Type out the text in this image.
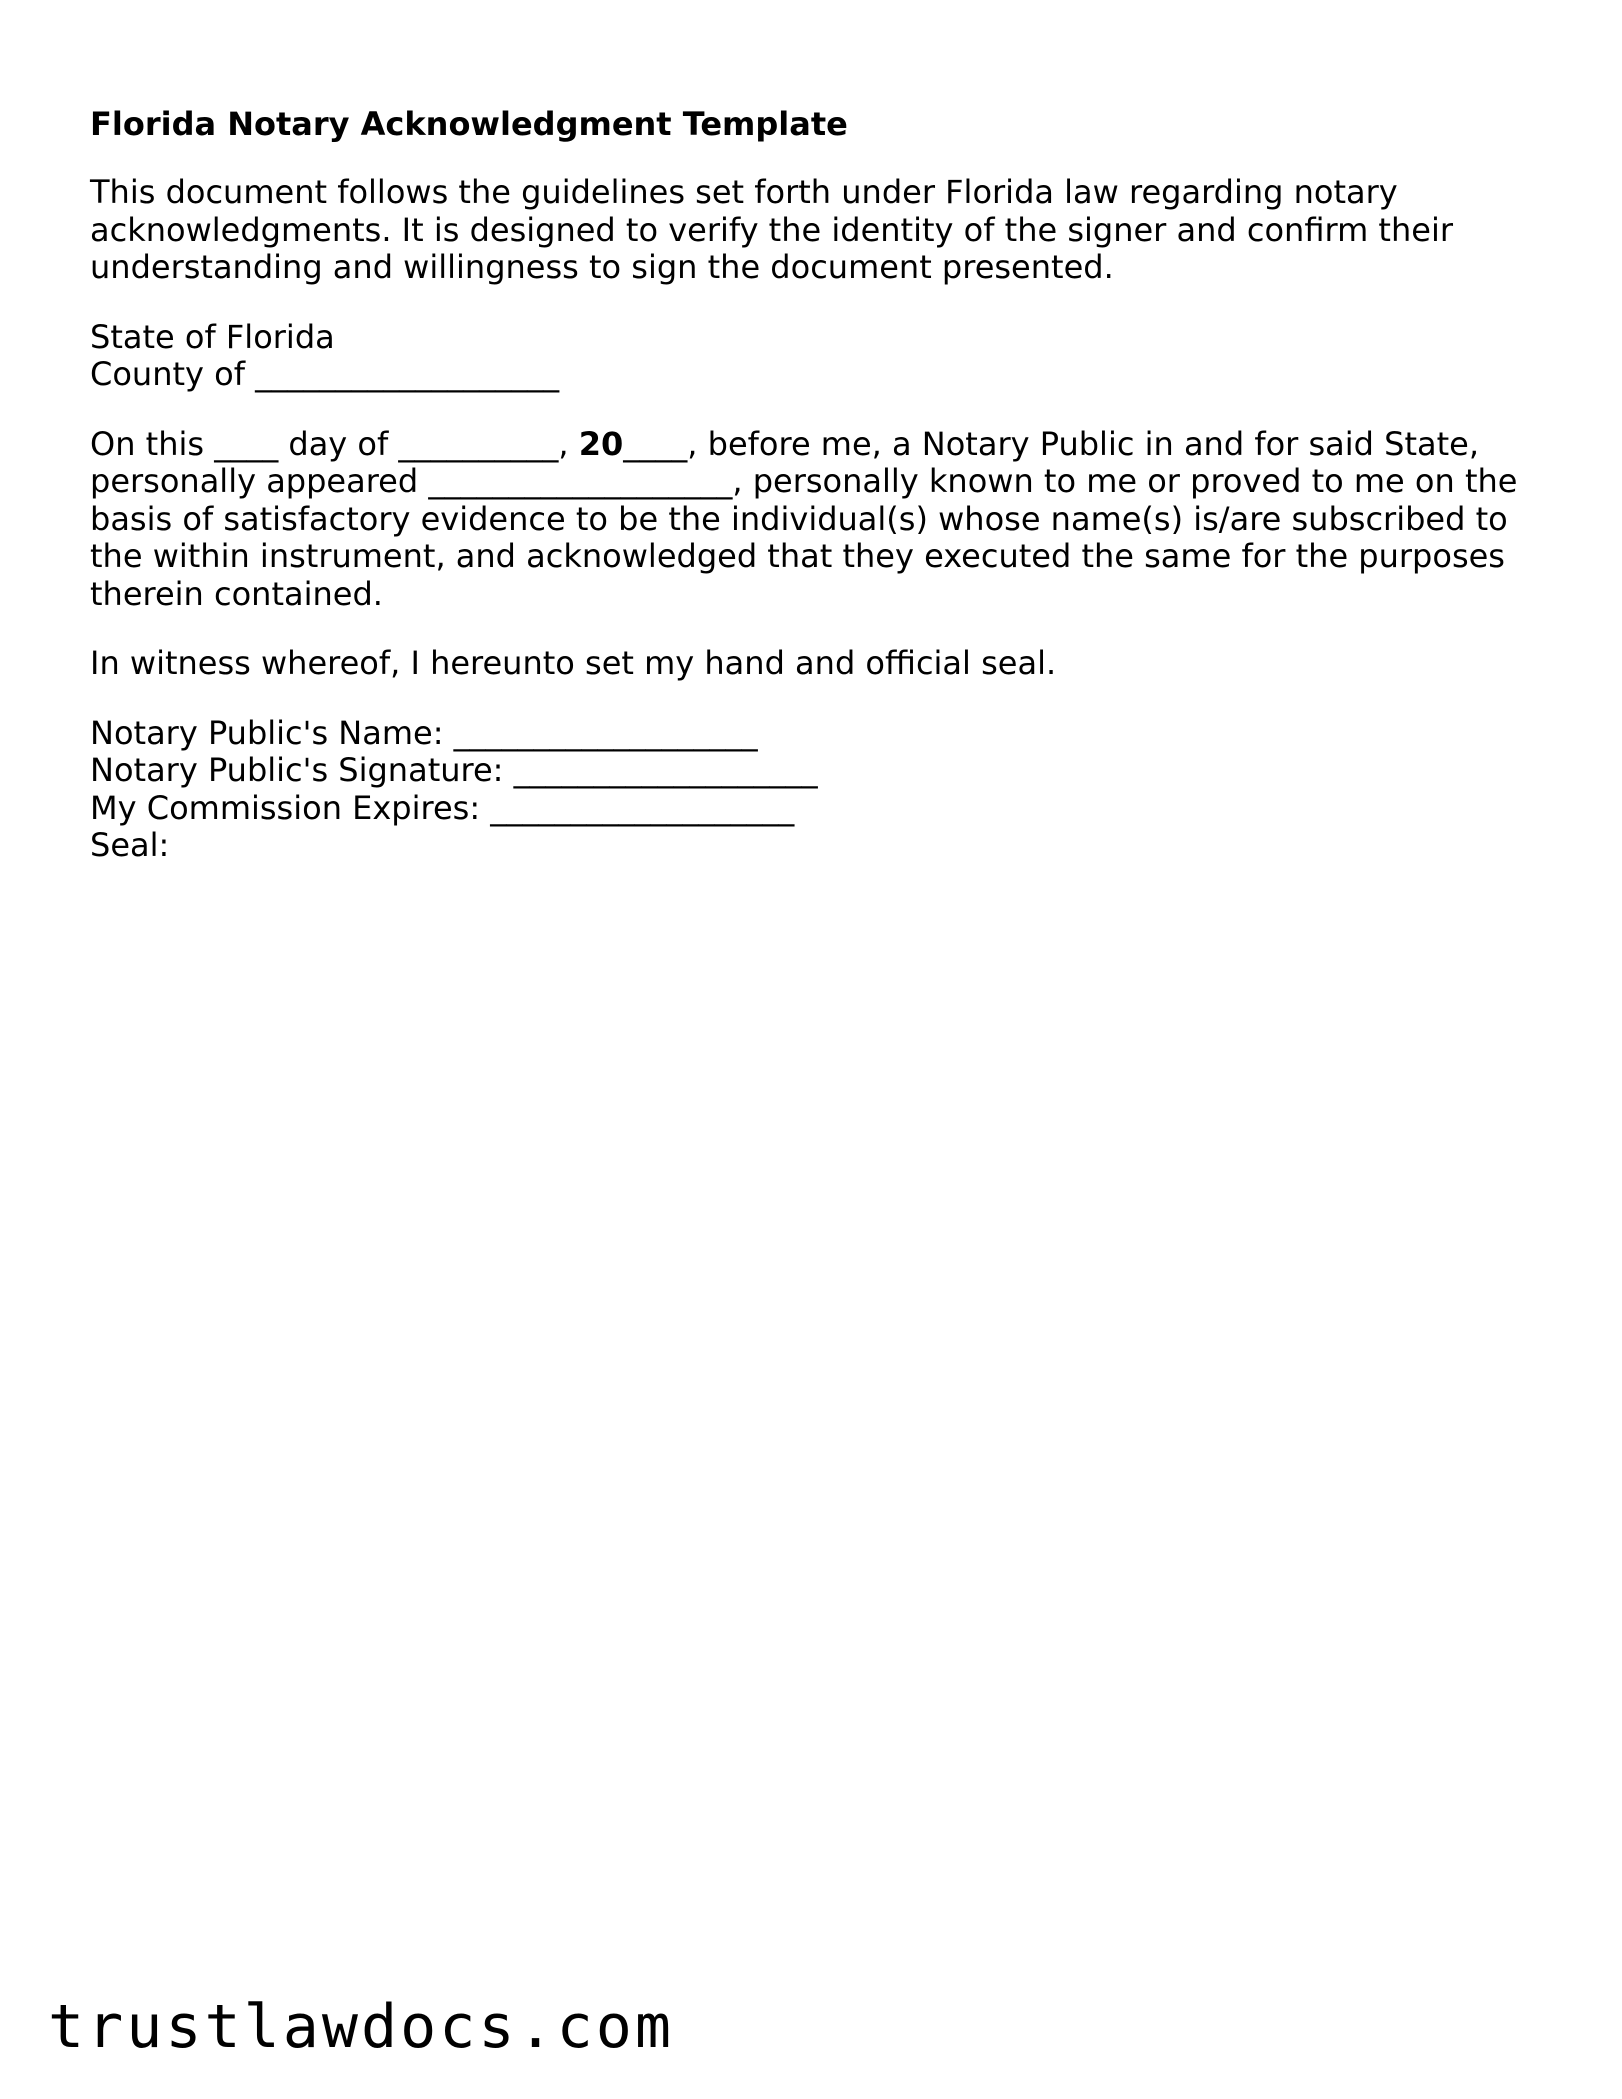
Florida Notary Acknowledgment Template
This document follows the guidelines set forth under Florida law regarding notary
acknowledgments. It is designed to verify the identity of the signer and confirm their
understanding and willingness to sign the document presented.
State of Florida
County of ___________________
On this ____ day of __________, 20____, before me, a Notary Public in and for said State,
personally appeared ___________________, personally known to me or proved to me on the
basis of satisfactory evidence to be the individual(s) whose name(s) is/are subscribed to
the within instrument, and acknowledged that they executed the same for the purposes
therein contained.
In witness whereof, I hereunto set my hand and official seal.
Notary Public's Name: ___________________
Notary Public's Signature: ___________________
My Commission Expires: ___________________
Seal:
trustlawdocs.com
